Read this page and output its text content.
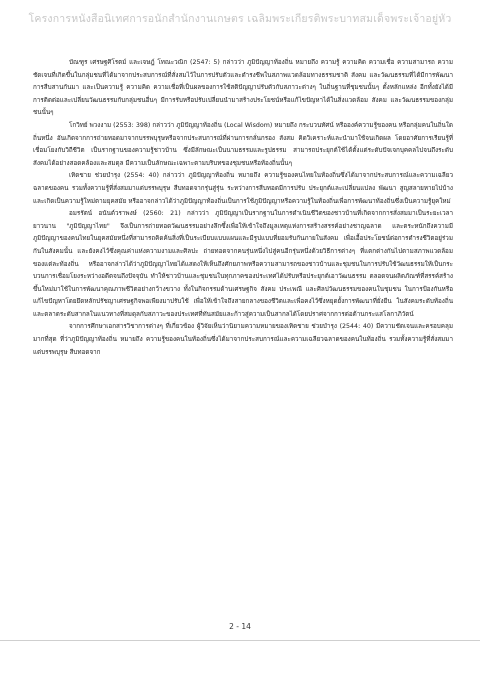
โครงการหนังสือนิเทศการอนักสำนักงานเกษตร เฉลิมพระเกียรติพระบาทสมเด็จพระเจ้าอยู่หัว

บัณฑูร เศรษฐศิโรตม์ และเจษฎ์ โทณะวณิก (2547: 5) กล่าวว่า ภูมิปัญญาท้องถิ่น หมายถึง ความรู้ ความคิด ความเชื่อ ความสามารถ ความชัดเจนที่เกิดขึ้นในกลุ่มชนที่ได้มาจากประสบการณ์ที่สั่งสมไว้ในการปรับตัวและดำรงชีพในสภาพแวดล้อมทางธรรมชาติ สังคม และวัฒนธรรมที่ได้มีการพัฒนา การสืบสานกันมา และเป็นความรู้ ความคิด ความเชื่อที่เป็นผลของการใช้สติปัญญาปรับตัวกับสภาวะต่างๆ ในถิ่นฐานที่ชุมชนนั้นๆ ตั้งหลักแหล่ง อีกทั้งยังได้มีการติดต่อและเปลี่ยนวัฒนธรรมกับกลุ่มชนอื่นๆ มีการรับหรือปรับเปลี่ยนนำมาสร้างประโยชน์หรือแก้ไขปัญหาได้ในสิ่งแวดล้อม สังคม และวัฒนธรรมของกลุ่มชนนั้นๆ

โกวิทย์ พวงงาม (2553: 398) กล่าวว่า ภูมิปัญญาท้องถิ่น (Local Wisdom) หมายถึง กระบวนทัศน์ หรือองค์ความรู้ของคน หรือกลุ่มคนในถิ่นใดถิ่นหนึ่ง อันเกิดจากการถ่ายทอดมาจากบรรพบุรุษหรือจากประสบการณ์ที่ผ่านการกลั่นกรอง สังสม คิดวิเคราะห์และนำมาใช้จนเกิดผล โดยอาศัยการเรียนรู้ที่เชื่อมโยงกับวิถีชีวิต เป็นรากฐานของความรู้ชาวบ้าน ซึ่งมีลักษณะเป็นนามธรรมและรูปธรรม สามารถประยุกต์ใช้ได้ตั้งแต่ระดับปัจเจกบุคคลไปจนถึงระดับสังคมได้อย่างสอดคล้องและสมดุล มีความเป็นลักษณะเฉพาะตามบริบทของชุมชนหรือท้องถิ่นนั้นๆ

เทิดชาย ช่วยบำรุง (2554: 40) กล่าวว่า ภูมิปัญญาท้องถิ่น หมายถึง ความรู้ของคนไทยในท้องถิ่นซึ่งได้มาจากประสบการณ์และความเฉลียวฉลาดของคน รวมทั้งความรู้ที่สั่งสมมาแต่บรรพบุรุษ สืบทอดจากรุ่นสู่รุ่น ระหว่างการสืบทอดมีการปรับ ประยุกต์และเปลี่ยนแปลง พัฒนา สูญสลายหายไปบ้างและเกิดเป็นความรู้ใหม่ตามยุคสมัย หรืออาจกล่าวได้ว่าภูมิปัญญาท้องถิ่นเป็นการใช้ภูมิปัญญาหรือความรู้ในท้องถิ่นเพื่อการพัฒนาท้องถิ่นซึ่งเป็นความรู้ยุคใหม่

อมรรัตน์ อนันต์วราพงษ์ (2560: 21) กล่าวว่า ภูมิปัญญาเป็นรากฐานในการดำเนินชีวิตของชาวบ้านที่เกิดจากการสั่งสมมาเป็นระยะเวลายาวนาน "ภูมิปัญญาไทย" จึงเป็นการถ่ายทอดวัฒนธรรมอย่างลึกซึ้งเพื่อให้เข้าใจถึงมูลเหตุแห่งการสร้างสรรค์อย่างชาญฉลาด และตระหนักถึงความมีภูมิปัญญาของคนไทยในยุคสมัยหนึ่งที่สามารถคิดค้นสิ่งที่เป็นระเบียบแบบแผนและมีรูปแบบที่ยอมรับกันภายในสังคม เพื่อเอื้อประโยชน์ต่อการดำรงชีวิตอยู่ร่วมกันในสังคมนั้น และยังคงไว้ซึ่งคุณค่าแห่งความงามและศิลปะ ถ่ายทอดจากคนรุ่นหนึ่งไปสู่คนอีกรุ่นหนึ่งด้วยวิธีการต่างๆ ที่แตกต่างกันไปตามสภาพแวดล้อมของแต่ละท้องถิ่น หรืออาจกล่าวได้ว่าภูมิปัญญาไทยได้แสดงให้เห็นถึงศักยภาพหรือความสามารถของชาวบ้านและชุมชนในการปรับใช้วัฒนธรรมให้เป็นกระบวนการเชื่อมโยงระหว่างอดีตจนถึงปัจจุบัน ทำให้ชาวบ้านและชุมชนในทุกภาคของประเทศได้ปรับหรือประยุกต์เอาวัฒนธรรม ตลอดจนผลิตภัณฑ์ที่สรรค์สร้างขึ้นใหม่มาใช้ในการพัฒนาคุณภาพชีวิตอย่างกว้างขวาง ทั้งในกิจกรรมด้านเศรษฐกิจ สังคม ประเพณี และศิลปวัฒนธรรมของคนในชุมชน ในการป้องกันหรือแก้ไขปัญหาโดยยึดหลักปรัชญาเศรษฐกิจพอเพียงมาปรับใช้ เพื่อให้เข้าใจถึงสายกลางของชีวิตและเพื่อคงไว้ซึ่งหยุดยั้งการพัฒนาที่ยั่งยืน ในสังคมระดับท้องถิ่นและตลาดระดับสากลในแนวทางที่สมดุลกับสภาวะของประเทศที่ทันสมัยและก้าวสู่ความเป็นสากลได้โดยปราศจากการต่อต้านกระแสโลกาภิวัตน์

จากการศึกษาเอกสารวิชาการต่างๆ ที่เกี่ยวข้อง ผู้วิจัยเห็นว่านิยามความหมายของเทิดชาย ช่วยบำรุง (2544: 40) มีความชัดเจนและครอบคลุมมากที่สุด ที่ว่าภูมิปัญญาท้องถิ่น หมายถึง ความรู้ของคนในท้องถิ่นซึ่งได้มาจากประสบการณ์และความเฉลียวฉลาดของคนในท้องถิ่น รวมทั้งความรู้ที่สั่งสมมาแต่บรรพบุรุษ สืบทอดจาก

2 - 14
